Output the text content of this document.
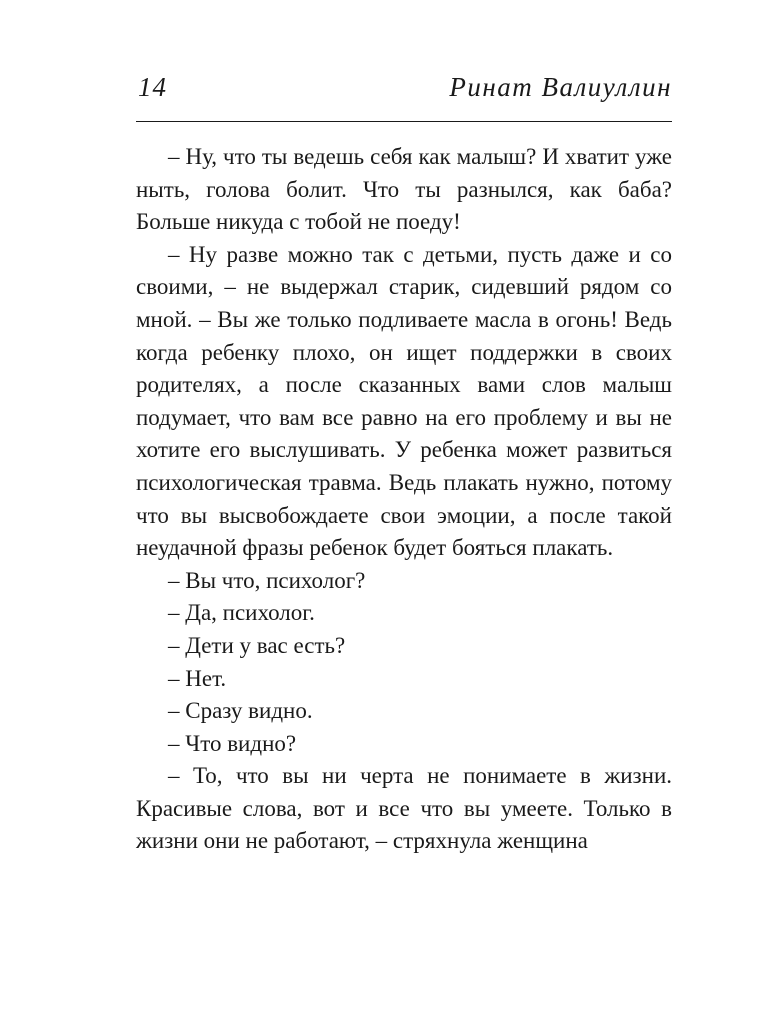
14	Ринат Валиуллин

– Ну, что ты ведешь себя как малыш? И хватит уже ныть, голова болит. Что ты разнылся, как баба? Больше никуда с тобой не поеду!

– Ну разве можно так с детьми, пусть даже и со своими, – не выдержал старик, сидевший рядом со мной. – Вы же только подливаете масла в огонь! Ведь когда ребенку плохо, он ищет поддержки в своих родителях, а после сказанных вами слов малыш подумает, что вам все равно на его проблему и вы не хотите его выслушивать. У ребенка может развиться психологическая травма. Ведь плакать нужно, потому что вы высвобождаете свои эмоции, а после такой неудачной фразы ребенок будет бояться плакать.

– Вы что, психолог?

– Да, психолог.

– Дети у вас есть?

– Нет.

– Сразу видно.

– Что видно?

– То, что вы ни черта не понимаете в жизни. Красивые слова, вот и все что вы умеете. Только в жизни они не работают, – стряхнула женщина
